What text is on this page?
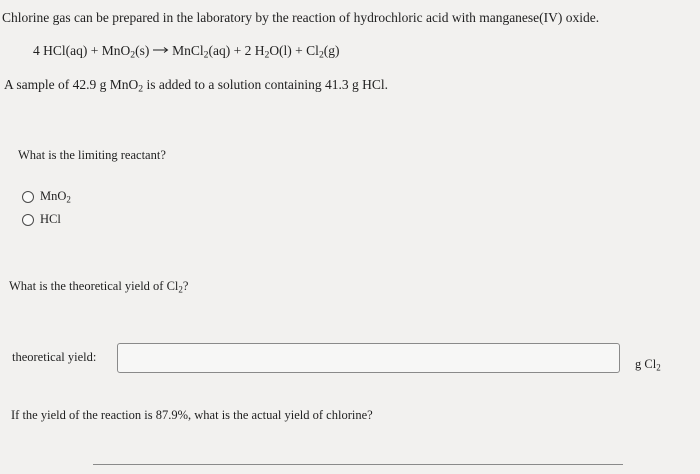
Chlorine gas can be prepared in the laboratory by the reaction of hydrochloric acid with manganese(IV) oxide.
4 HCl(aq) + MnO$_2$(s) → MnCl$_2$(aq) + 2 $H_2O(l) + Cl_2(g)$
A sample of 42.9 g MnO$_2$ is added to a solution containing 41.3 g HCl.
What is the limiting reactant?
MnO$_2$
HCl
What is the theoretical yield of $Cl_2$?
theoretical yield:	g $Cl_2$
If the yield of the reaction is 87.9%, what is the actual yield of chlorine?
